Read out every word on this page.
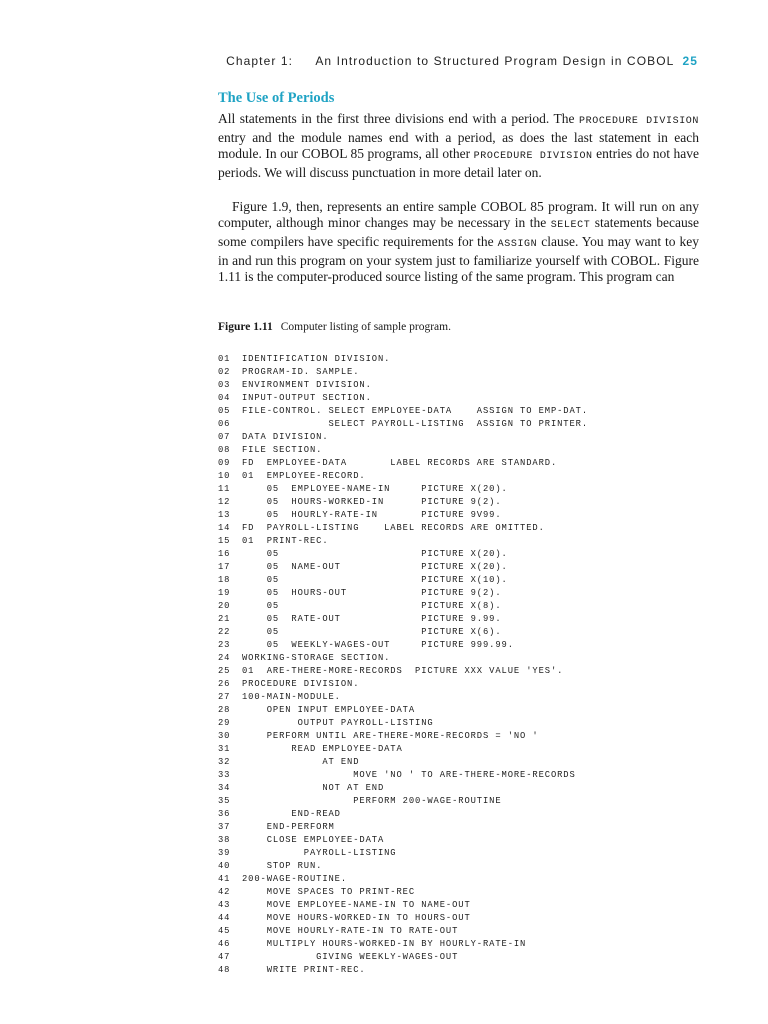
Chapter 1: An Introduction to Structured Program Design in COBOL 25
The Use of Periods

All statements in the first three divisions end with a period. The PROCEDURE DIVISION entry and the module names end with a period, as does the last statement in each module. In our COBOL 85 programs, all other PROCEDURE DIVISION entries do not have periods. We will discuss punctuation in more detail later on.

Figure 1.9, then, represents an entire sample COBOL 85 program. It will run on any computer, although minor changes may be necessary in the SELECT statements because some compilers have specific requirements for the ASSIGN clause. You may want to key in and run this program on your system just to familiarize yourself with COBOL. Figure 1.11 is the computer-produced source listing of the same program. This program can

Figure 1.11 Computer listing of sample program.
01 IDENTIFICATION DIVISION.
02 PROGRAM-ID. SAMPLE.
03 ENVIRONMENT DIVISION.
04 INPUT-OUTPUT SECTION.
05 FILE-CONTROL. SELECT EMPLOYEE-DATA    ASSIGN TO EMP-DAT.
06              SELECT PAYROLL-LISTING  ASSIGN TO PRINTER.
07 DATA DIVISION.
08 FILE SECTION.
09 FD  EMPLOYEE-DATA       LABEL RECORDS ARE STANDARD.
10 01  EMPLOYEE-RECORD.
11    05  EMPLOYEE-NAME-IN     PICTURE X(20).
12    05  HOURS-WORKED-IN      PICTURE 9(2).
13    05  HOURLY-RATE-IN       PICTURE 9V99.
14 FD  PAYROLL-LISTING    LABEL RECORDS ARE OMITTED.
15 01  PRINT-REC.
16    05                       PICTURE X(20).
17    05  NAME-OUT             PICTURE X(20).
18    05                       PICTURE X(10).
19    05  HOURS-OUT            PICTURE 9(2).
20    05                       PICTURE X(8).
21    05  RATE-OUT             PICTURE 9.99.
22    05                       PICTURE X(6).
23    05  WEEKLY-WAGES-OUT     PICTURE 999.99.
24 WORKING-STORAGE SECTION.
25 01  ARE-THERE-MORE-RECORDS  PICTURE XXX VALUE 'YES'.
26 PROCEDURE DIVISION.
27 100-MAIN-MODULE.
28    OPEN INPUT EMPLOYEE-DATA
29         OUTPUT PAYROLL-LISTING
30    PERFORM UNTIL ARE-THERE-MORE-RECORDS = 'NO '
31        READ EMPLOYEE-DATA
32             AT END
33                  MOVE 'NO ' TO ARE-THERE-MORE-RECORDS
34             NOT AT END
35                  PERFORM 200-WAGE-ROUTINE
36        END-READ
37    END-PERFORM
38    CLOSE EMPLOYEE-DATA
39          PAYROLL-LISTING
40    STOP RUN.
41 200-WAGE-ROUTINE.
42    MOVE SPACES TO PRINT-REC
43    MOVE EMPLOYEE-NAME-IN TO NAME-OUT
44    MOVE HOURS-WORKED-IN TO HOURS-OUT
45    MOVE HOURLY-RATE-IN TO RATE-OUT
46    MULTIPLY HOURS-WORKED-IN BY HOURLY-RATE-IN
47            GIVING WEEKLY-WAGES-OUT
48    WRITE PRINT-REC.
